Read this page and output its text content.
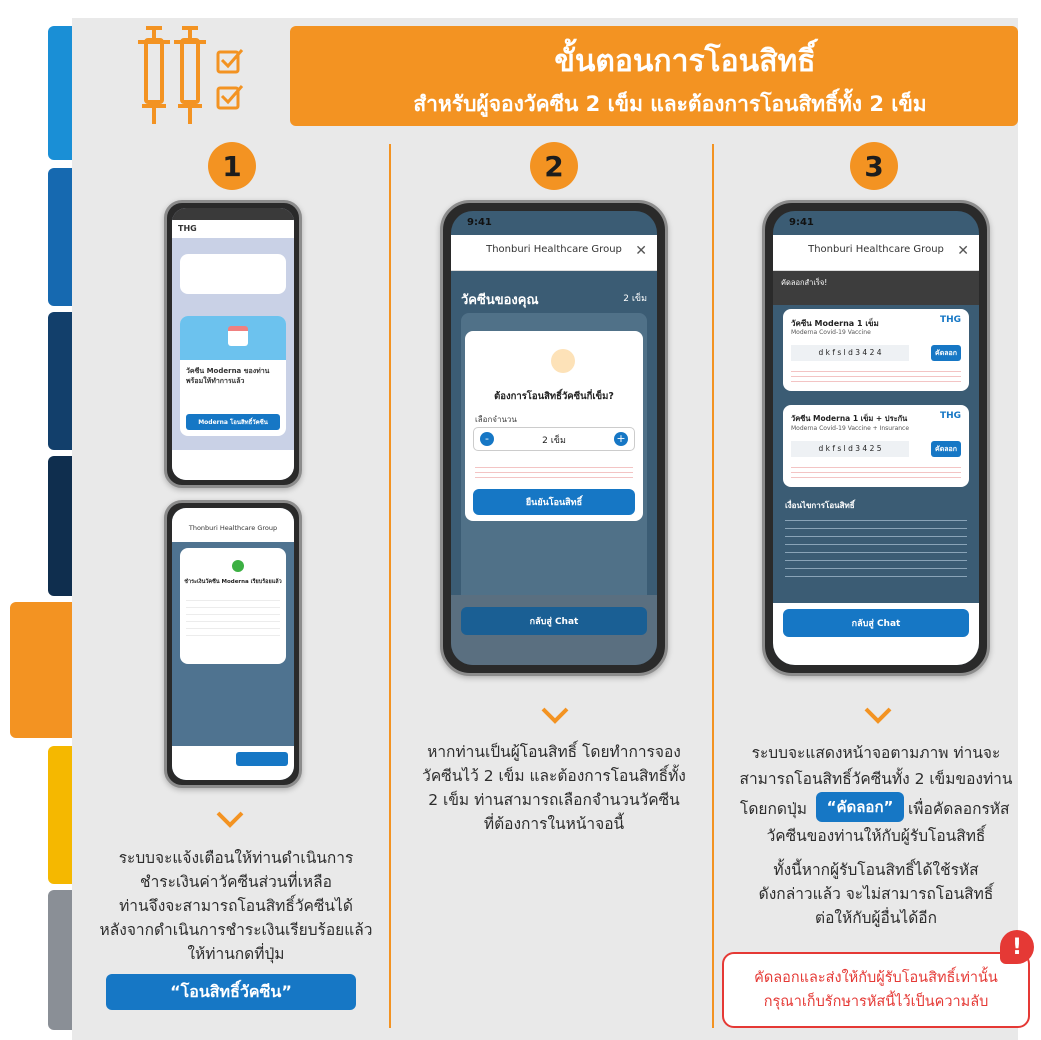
ขั้นตอนการโอนสิทธิ์
สำหรับผู้จองวัคซีน 2 เข็ม และต้องการโอนสิทธิ์ทั้ง 2 เข็ม
1	2	3
THG
วัคซีน Moderna ของท่าน
พร้อมให้ทำการแล้ว
Moderna โอนสิทธิ์วัคซีน
Thonburi Healthcare Group
ชำระเงินวัคซีน Moderna เรียบร้อยแล้ว
ระบบจะแจ้งเตือนให้ท่านดำเนินการ
ชำระเงินค่าวัคซีนส่วนที่เหลือ
ท่านจึงจะสามารถโอนสิทธิ์วัคซีนได้
หลังจากดำเนินการชำระเงินเรียบร้อยแล้ว
ให้ท่านกดที่ปุ่ม
“โอนสิทธิ์วัคซีน”
9:41
Thonburi Healthcare Group ✕
วัคซีนของคุณ	2 เข็ม
ต้องการโอนสิทธิ์วัคซีนกี่เข็ม?
เลือกจำนวน
-	2 เข็ม	+
ยืนยันโอนสิทธิ์
กลับสู่ Chat
หากท่านเป็นผู้โอนสิทธิ์ โดยทำการจอง
วัคซีนไว้ 2 เข็ม และต้องการโอนสิทธิ์ทั้ง
2 เข็ม ท่านสามารถเลือกจำนวนวัคซีน
ที่ต้องการในหน้าจอนี้
9:41
Thonburi Healthcare Group ✕
คัดลอกสำเร็จ!
วัคซีน Moderna 1 เข็ม
Moderna Covid-19 Vaccine
THG
d k f s l d 3 4 2 4	คัดลอก
วัคซีน Moderna 1 เข็ม + ประกัน
Moderna Covid-19 Vaccine + Insurance
THG
d k f s l d 3 4 2 5	คัดลอก
เงื่อนไขการโอนสิทธิ์
กลับสู่ Chat
ระบบจะแสดงหน้าจอตามภาพ ท่านจะ
สามารถโอนสิทธิ์วัคซีนทั้ง 2 เข็มของท่าน
โดยกดปุ่ม	“คัดลอก” เพื่อคัดลอกรหัส
วัคซีนของท่านให้กับผู้รับโอนสิทธิ์
ทั้งนี้หากผู้รับโอนสิทธิ์ได้ใช้รหัส
ดังกล่าวแล้ว จะไม่สามารถโอนสิทธิ์
ต่อให้กับผู้อื่นได้อีก
คัดลอกและส่งให้กับผู้รับโอนสิทธิ์เท่านั้น
กรุณาเก็บรักษารหัสนี้ไว้เป็นความลับ
!
